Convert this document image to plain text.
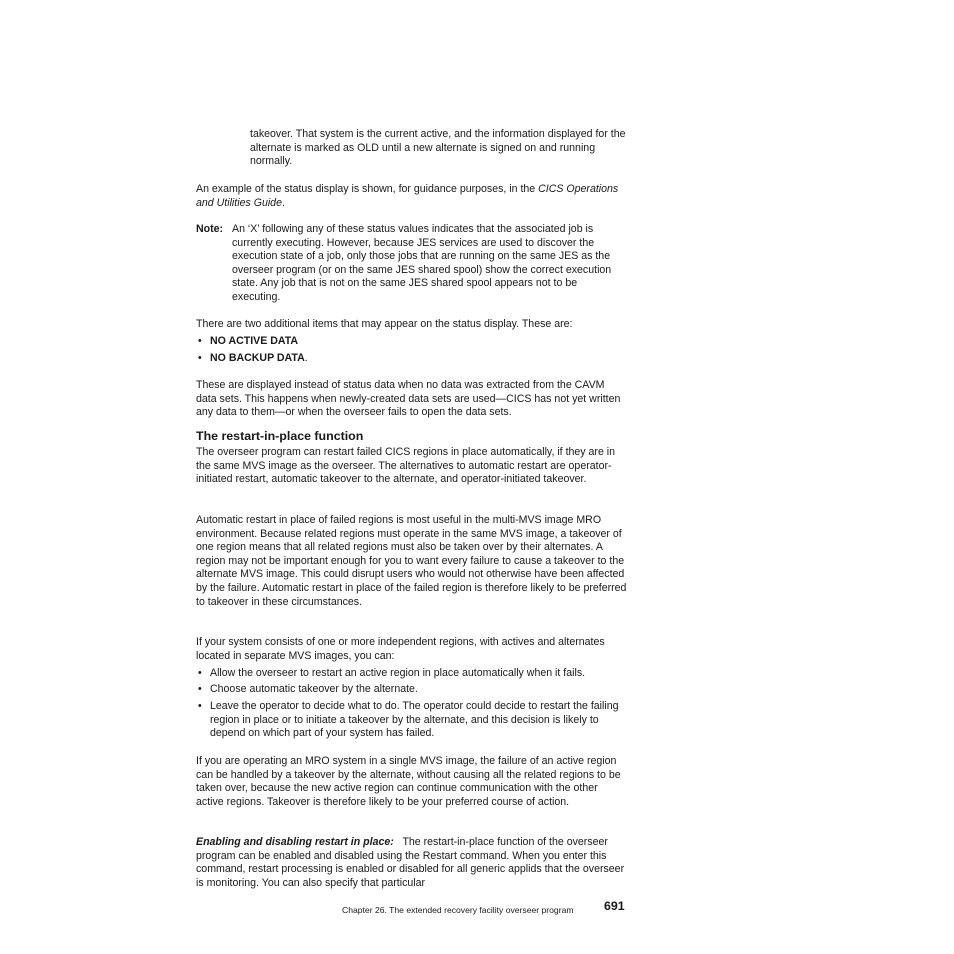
takeover. That system is the current active, and the information displayed for the alternate is marked as OLD until a new alternate is signed on and running normally.

An example of the status display is shown, for guidance purposes, in the CICS Operations and Utilities Guide.

Note: An ‘X’ following any of these status values indicates that the associated job is currently executing. However, because JES services are used to discover the execution state of a job, only those jobs that are running on the same JES as the overseer program (or on the same JES shared spool) show the correct execution state. Any job that is not on the same JES shared spool appears not to be executing.

There are two additional items that may appear on the status display. These are:

• NO ACTIVE DATA
• NO BACKUP DATA.

These are displayed instead of status data when no data was extracted from the CAVM data sets. This happens when newly-created data sets are used—CICS has not yet written any data to them—or when the overseer fails to open the data sets.

The restart-in-place function

The overseer program can restart failed CICS regions in place automatically, if they are in the same MVS image as the overseer. The alternatives to automatic restart are operator-initiated restart, automatic takeover to the alternate, and operator-initiated takeover.

Automatic restart in place of failed regions is most useful in the multi-MVS image MRO environment. Because related regions must operate in the same MVS image, a takeover of one region means that all related regions must also be taken over by their alternates. A region may not be important enough for you to want every failure to cause a takeover to the alternate MVS image. This could disrupt users who would not otherwise have been affected by the failure. Automatic restart in place of the failed region is therefore likely to be preferred to takeover in these circumstances.

If your system consists of one or more independent regions, with actives and alternates located in separate MVS images, you can:

• Allow the overseer to restart an active region in place automatically when it fails.
• Choose automatic takeover by the alternate.
• Leave the operator to decide what to do. The operator could decide to restart the failing region in place or to initiate a takeover by the alternate, and this decision is likely to depend on which part of your system has failed.

If you are operating an MRO system in a single MVS image, the failure of an active region can be handled by a takeover by the alternate, without causing all the related regions to be taken over, because the new active region can continue communication with the other active regions. Takeover is therefore likely to be your preferred course of action.

Enabling and disabling restart in place: The restart-in-place function of the overseer program can be enabled and disabled using the Restart command. When you enter this command, restart processing is enabled or disabled for all generic applids that the overseer is monitoring. You can also specify that particular

Chapter 26. The extended recovery facility overseer program 691
